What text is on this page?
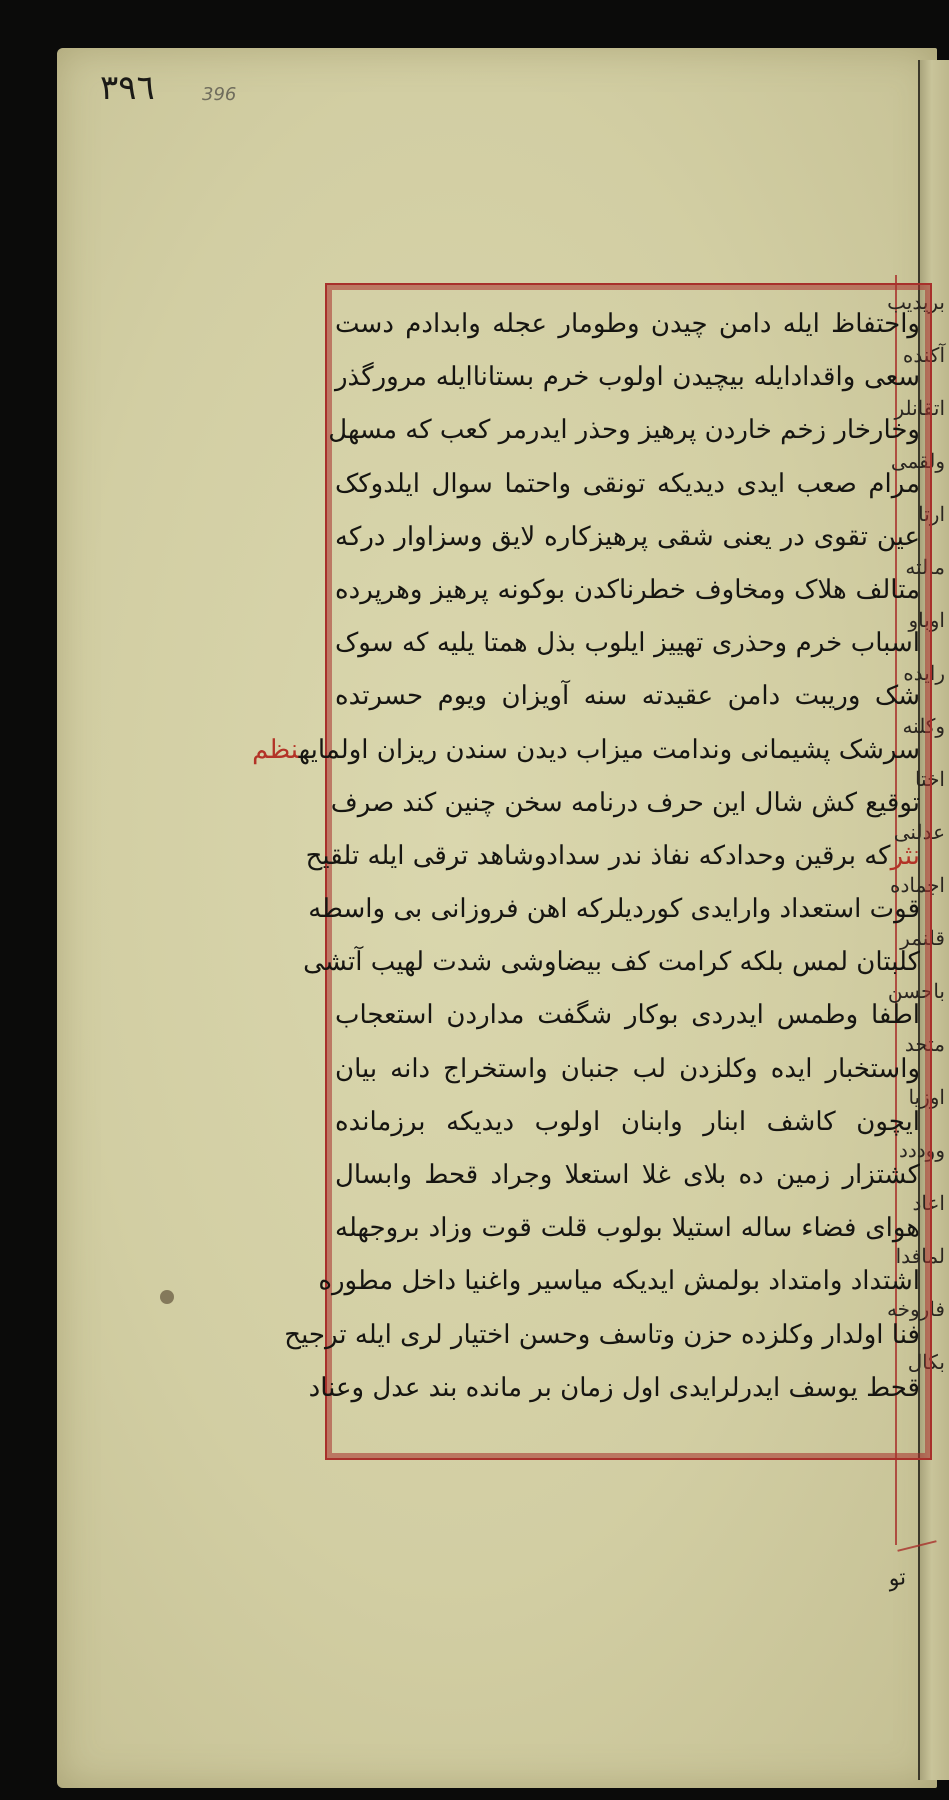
٣٩٦	396
بریدیب
آکنده
اتقانلر
ولقمی
ارتا
مالته
اوباو
رایده
وکلنه
اختا
عدلنی
اجماده
قلنمر
باحسن
متحد
اوزیا
ووددد
اعاد
لمافدا
فاروخه
بکال
واحتفاظ ایله دامن چیدن وطومار عجله وابدادم دست
سعی واقدادایله بیچیدن اولوب خرم بستاناایله مرورگذر
وخارخار زخم خاردن پرهیز وحذر ایدرمر کعب که مسهل
مرام صعب ایدی دیدیکه تونقی واحتما سوال ایلدوکک
عین تقوی در یعنی شقی پرهیزکاره لایق وسزاوار درکه
متالف هلاک ومخاوف خطرناکدن بوکونه پرهیز وهرپرده
اسباب خرم وحذری تهییز ایلوب بذل همتا یلیه که سوک
شک وریبت دامن عقیدته سنه آویزان ویوم حسرتده
سرشک پشیمانی وندامت میزاب دیدن سندن ریزان اولمایهنظم
توقیع کش شال این حرف درنامه سخن چنین کند صرف
نثرکه برقین وحدادکه نفاذ ندر سدادوشاهد ترقی ایله تلقیح
قوت استعداد وارایدی کوردیلرکه اهن فروزانی بی واسطه
کلبتان لمس بلکه کرامت کف بیضاوشی شدت لهیب آتشی
اطفا وطمس ایدردی بوکار شگفت مداردن استعجاب
واستخبار ایده وکلزدن لب جنبان واستخراج دانه بیان
ایچون کاشف ابنار وابنان اولوب دیدیکه برزمانده
کشتزار زمین ده بلای غلا استعلا وجراد قحط وابسال
هوای فضاء ساله استیلا بولوب قلت قوت وزاد بروجهله
اشتداد وامتداد بولمش ایدیکه میاسیر واغنیا داخل مطوره
فنا اولدار وکلزده حزن وتاسف وحسن اختیار لری ایله ترجیح
قحط یوسف ایدرلرایدی اول زمان بر مانده بند عدل وعناد
تو
